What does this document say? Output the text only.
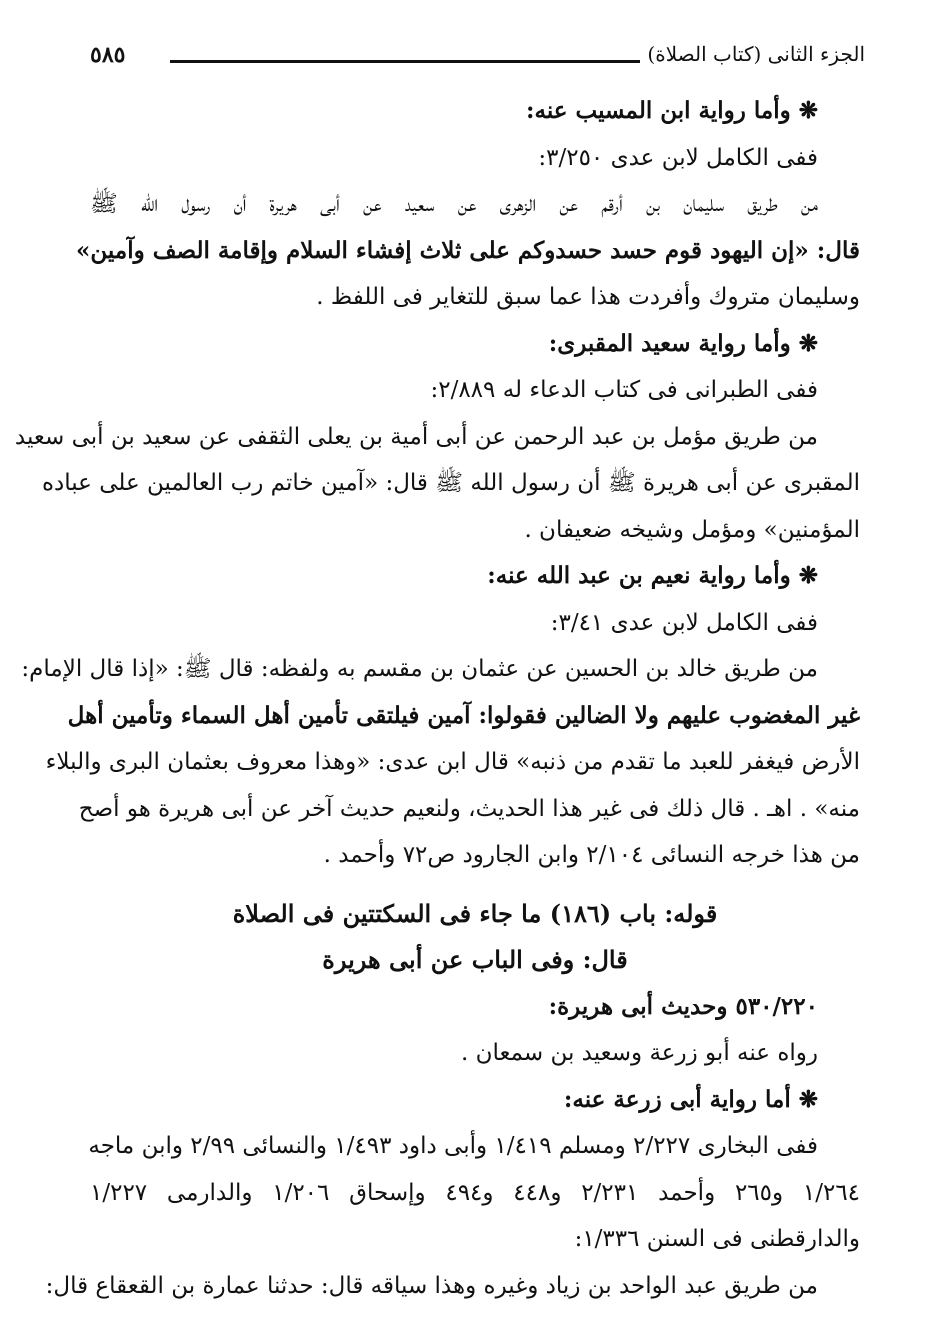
الجزء الثانى (كتاب الصلاة)
٥٨٥
❋ وأما رواية ابن المسيب عنه:
ففى الكامل لابن عدى ٣/٢٥٠:
من طريق سليمان بن أرقم عن الزهرى عن سعيد عن أبى هريرة أن رسول الله ﷺ
قال: «إن اليهود قوم حسد حسدوكم على ثلاث إفشاء السلام وإقامة الصف وآمين»
وسليمان متروك وأفردت هذا عما سبق للتغاير فى اللفظ .
❋ وأما رواية سعيد المقبرى:
ففى الطبرانى فى كتاب الدعاء له ٢/٨٨٩:
من طريق مؤمل بن عبد الرحمن عن أبى أمية بن يعلى الثقفى عن سعيد بن أبى سعيد
المقبرى عن أبى هريرة ﷺ أن رسول الله ﷺ قال: «آمين خاتم رب العالمين على عباده
المؤمنين» ومؤمل وشيخه ضعيفان .
❋ وأما رواية نعيم بن عبد الله عنه:
ففى الكامل لابن عدى ٣/٤١:
من طريق خالد بن الحسين عن عثمان بن مقسم به ولفظه: قال ﷺ: «إذا قال الإمام:
غير المغضوب عليهم ولا الضالين فقولوا: آمين فيلتقى تأمين أهل السماء وتأمين أهل
الأرض فيغفر للعبد ما تقدم من ذنبه» قال ابن عدى: «وهذا معروف بعثمان البرى والبلاء
منه» . اهـ . قال ذلك فى غير هذا الحديث، ولنعيم حديث آخر عن أبى هريرة هو أصح
من هذا خرجه النسائى ٢/١٠٤ وابن الجارود ص٧٢ وأحمد .
قوله: باب (١٨٦) ما جاء فى السكتتين فى الصلاة
قال: وفى الباب عن أبى هريرة
٥٣٠/٢٢٠ وحديث أبى هريرة:
رواه عنه أبو زرعة وسعيد بن سمعان .
❋ أما رواية أبى زرعة عنه:
ففى البخارى ٢/٢٢٧ ومسلم ١/٤١٩ وأبى داود ١/٤٩٣ والنسائى ٢/٩٩ وابن ماجه
١/٢٦٤ و٢٦٥ وأحمد ٢/٢٣١ و٤٤٨ و٤٩٤ وإسحاق ١/٢٠٦ والدارمى ١/٢٢٧
والدارقطنى فى السنن ١/٣٣٦:
من طريق عبد الواحد بن زياد وغيره وهذا سياقه قال: حدثنا عمارة بن القعقاع قال:
